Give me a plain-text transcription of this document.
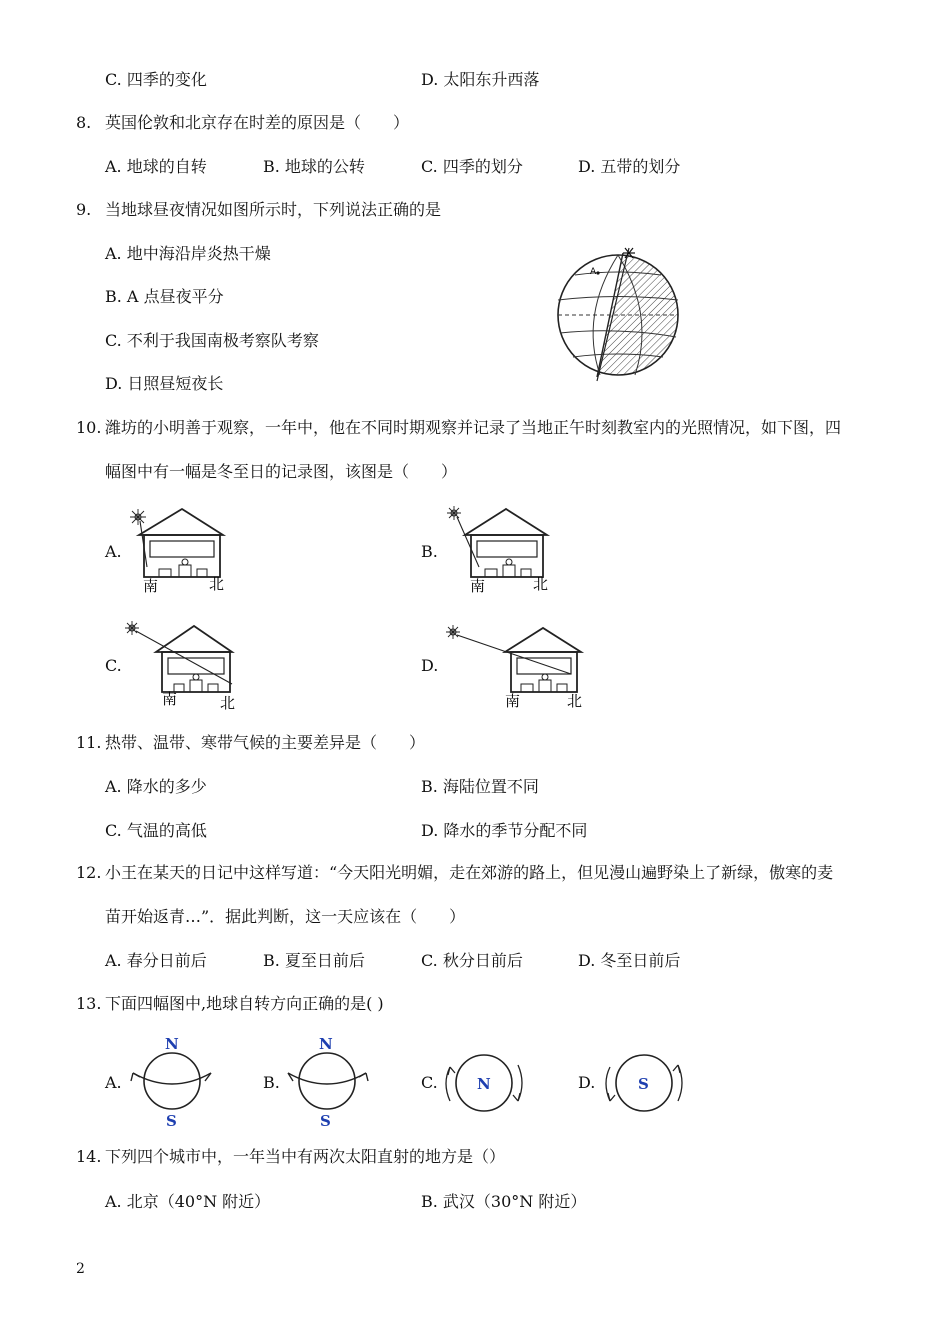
C. 四季的变化	D. 太阳东升西落
8. 英国伦敦和北京存在时差的原因是（　　）
A. 地球的自转	B. 地球的公转	C. 四季的划分	D. 五带的划分
9. 当地球昼夜情况如图所示时，下列说法正确的是
A. 地中海沿岸炎热干燥
B. A 点昼夜平分
C. 不利于我国南极考察队考察
D. 日照昼短夜长
A
10. 潍坊的小明善于观察，一年中，他在不同时期观察并记录了当地正午时刻教室内的光照情况，如下图，四
幅图中有一幅是冬至日的记录图，该图是（　　）
A.
南	北
B.
南	北
C.
南	北
D.
南	北
11. 热带、温带、寒带气候的主要差异是（　　）
A. 降水的多少	B. 海陆位置不同
C. 气温的高低	D. 降水的季节分配不同
12. 小王在某天的日记中这样写道：“今天阳光明媚，走在郊游的路上，但见漫山遍野染上了新绿，傲寒的麦
苗开始返青…”．据此判断，这一天应该在（　　）
A. 春分日前后	B. 夏至日前后	C. 秋分日前后	D. 冬至日前后
13. 下面四幅图中,地球自转方向正确的是( )
A.
N
S
B.
N
S
C.	N	D.	S
14. 下列四个城市中，一年当中有两次太阳直射的地方是（）
A. 北京（40°N 附近）	B. 武汉（30°N 附近）
2
